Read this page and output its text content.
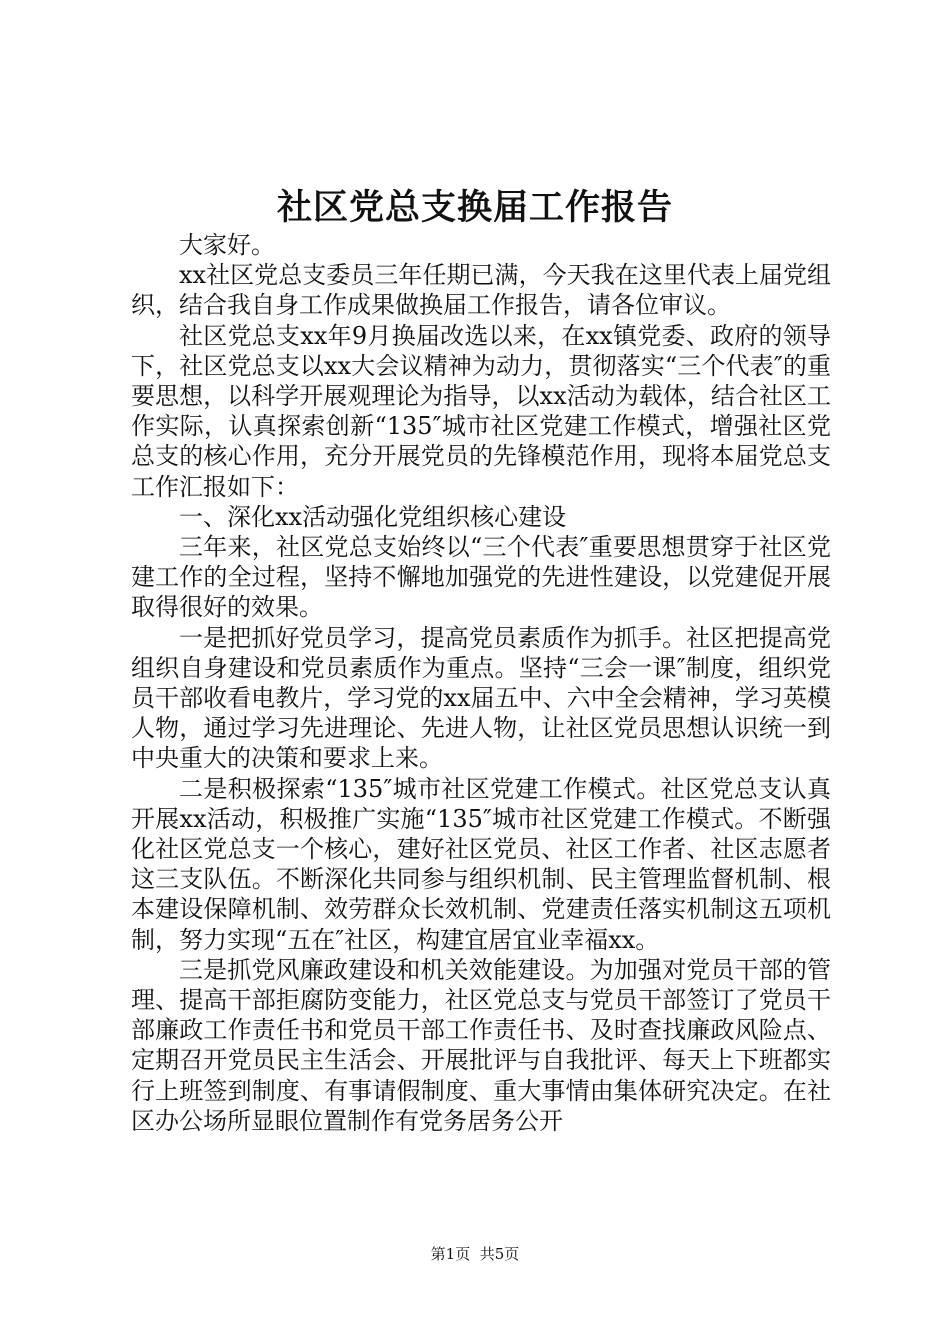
社区党总支换届工作报告

大家好。

xx社区党总支委员三年任期已满，今天我在这里代表上届党组织，结合我自身工作成果做换届工作报告，请各位审议。

社区党总支xx年9月换届改选以来，在xx镇党委、政府的领导下，社区党总支以xx大会议精神为动力，贯彻落实“三个代表″的重要思想，以科学开展观理论为指导，以xx活动为载体，结合社区工作实际，认真探索创新“135″城市社区党建工作模式，增强社区党总支的核心作用，充分开展党员的先锋模范作用，现将本届党总支工作汇报如下：

一、深化xx活动强化党组织核心建设

三年来，社区党总支始终以“三个代表″重要思想贯穿于社区党建工作的全过程，坚持不懈地加强党的先进性建设，以党建促开展取得很好的效果。

一是把抓好党员学习，提高党员素质作为抓手。社区把提高党组织自身建设和党员素质作为重点。坚持“三会一课″制度，组织党员干部收看电教片，学习党的xx届五中、六中全会精神，学习英模人物，通过学习先进理论、先进人物，让社区党员思想认识统一到中央重大的决策和要求上来。

二是积极探索“135″城市社区党建工作模式。社区党总支认真开展xx活动，积极推广实施“135″城市社区党建工作模式。不断强化社区党总支一个核心，建好社区党员、社区工作者、社区志愿者这三支队伍。不断深化共同参与组织机制、民主管理监督机制、根本建设保障机制、效劳群众长效机制、党建责任落实机制这五项机制，努力实现“五在″社区，构建宜居宜业幸福xx。

三是抓党风廉政建设和机关效能建设。为加强对党员干部的管理、提高干部拒腐防变能力，社区党总支与党员干部签订了党员干部廉政工作责任书和党员干部工作责任书、及时查找廉政风险点、定期召开党员民主生活会、开展批评与自我批评、每天上下班都实行上班签到制度、有事请假制度、重大事情由集体研究决定。在社区办公场所显眼位置制作有党务居务公开

第1页 共5页
